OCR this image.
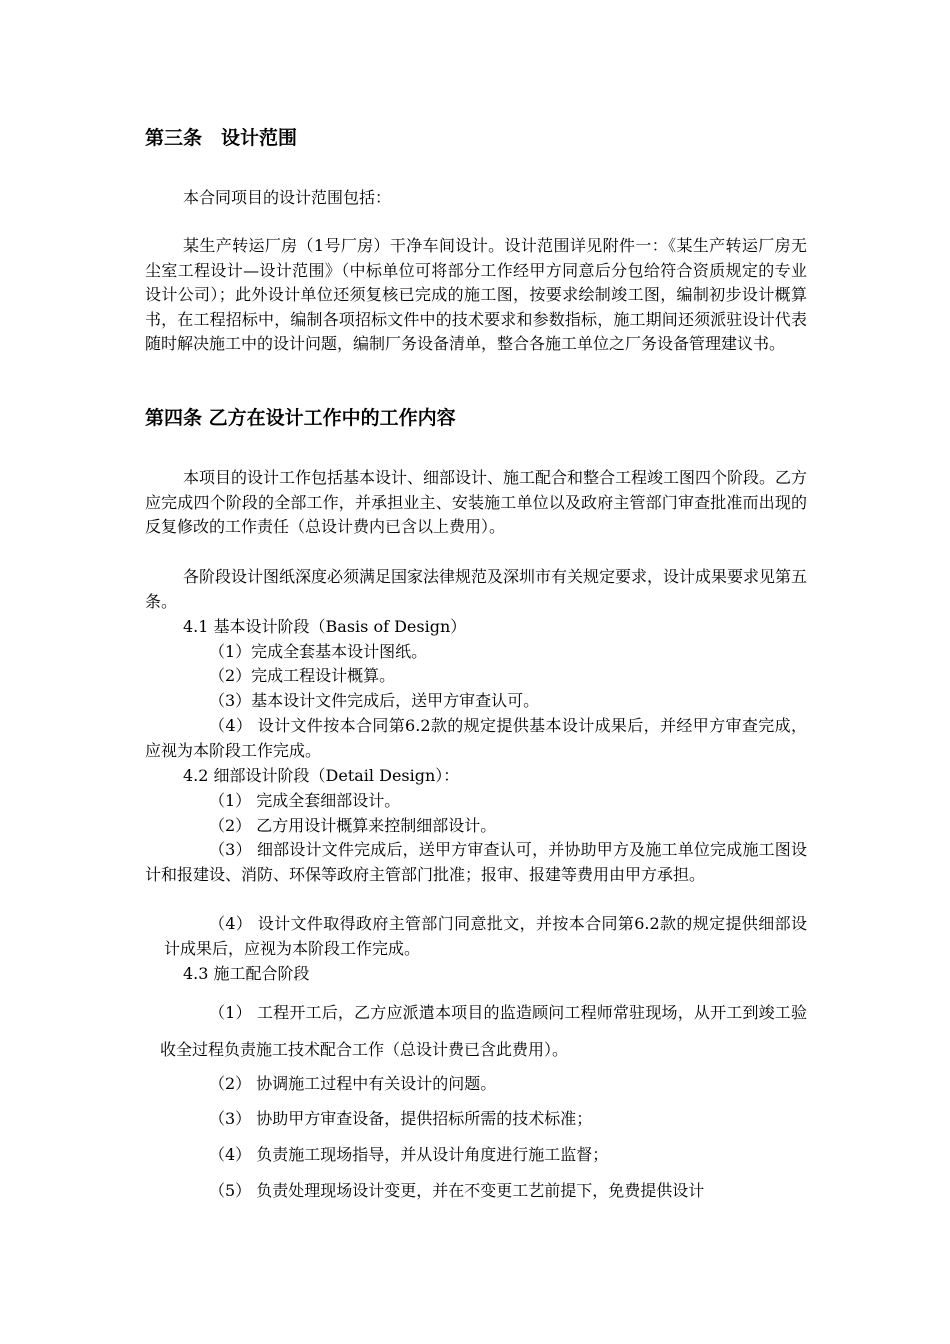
第三条　设计范围
本合同项目的设计范围包括：
某生产转运厂房（1号厂房）干净车间设计。设计范围详见附件一：《某生产转运厂房无尘室工程设计—设计范围》（中标单位可将部分工作经甲方同意后分包给符合资质规定的专业设计公司）；此外设计单位还须复核已完成的施工图，按要求绘制竣工图，编制初步设计概算书，在工程招标中，编制各项招标文件中的技术要求和参数指标，施工期间还须派驻设计代表随时解决施工中的设计问题，编制厂务设备清单，整合各施工单位之厂务设备管理建议书。
第四条 乙方在设计工作中的工作内容
本项目的设计工作包括基本设计、细部设计、施工配合和整合工程竣工图四个阶段。乙方应完成四个阶段的全部工作，并承担业主、安装施工单位以及政府主管部门审查批准而出现的反复修改的工作责任（总设计费内已含以上费用）。
各阶段设计图纸深度必须满足国家法律规范及深圳市有关规定要求，设计成果要求见第五条。
4.1 基本设计阶段（Basis of Design）
（1）完成全套基本设计图纸。
（2）完成工程设计概算。
（3）基本设计文件完成后，送甲方审查认可。
（4） 设计文件按本合同第6.2款的规定提供基本设计成果后，并经甲方审查完成，应视为本阶段工作完成。
4.2 细部设计阶段（Detail Design）：
（1） 完成全套细部设计。
（2） 乙方用设计概算来控制细部设计。
（3） 细部设计文件完成后，送甲方审查认可，并协助甲方及施工单位完成施工图设计和报建设、消防、环保等政府主管部门批准；报审、报建等费用由甲方承担。
（4） 设计文件取得政府主管部门同意批文，并按本合同第6.2款的规定提供细部设计成果后，应视为本阶段工作完成。
4.3 施工配合阶段
（1） 工程开工后，乙方应派遣本项目的监造顾问工程师常驻现场，从开工到竣工验收全过程负责施工技术配合工作（总设计费已含此费用）。
（2） 协调施工过程中有关设计的问题。
（3） 协助甲方审查设备，提供招标所需的技术标准；
（4） 负责施工现场指导，并从设计角度进行施工监督；
（5） 负责处理现场设计变更，并在不变更工艺前提下，免费提供设计
